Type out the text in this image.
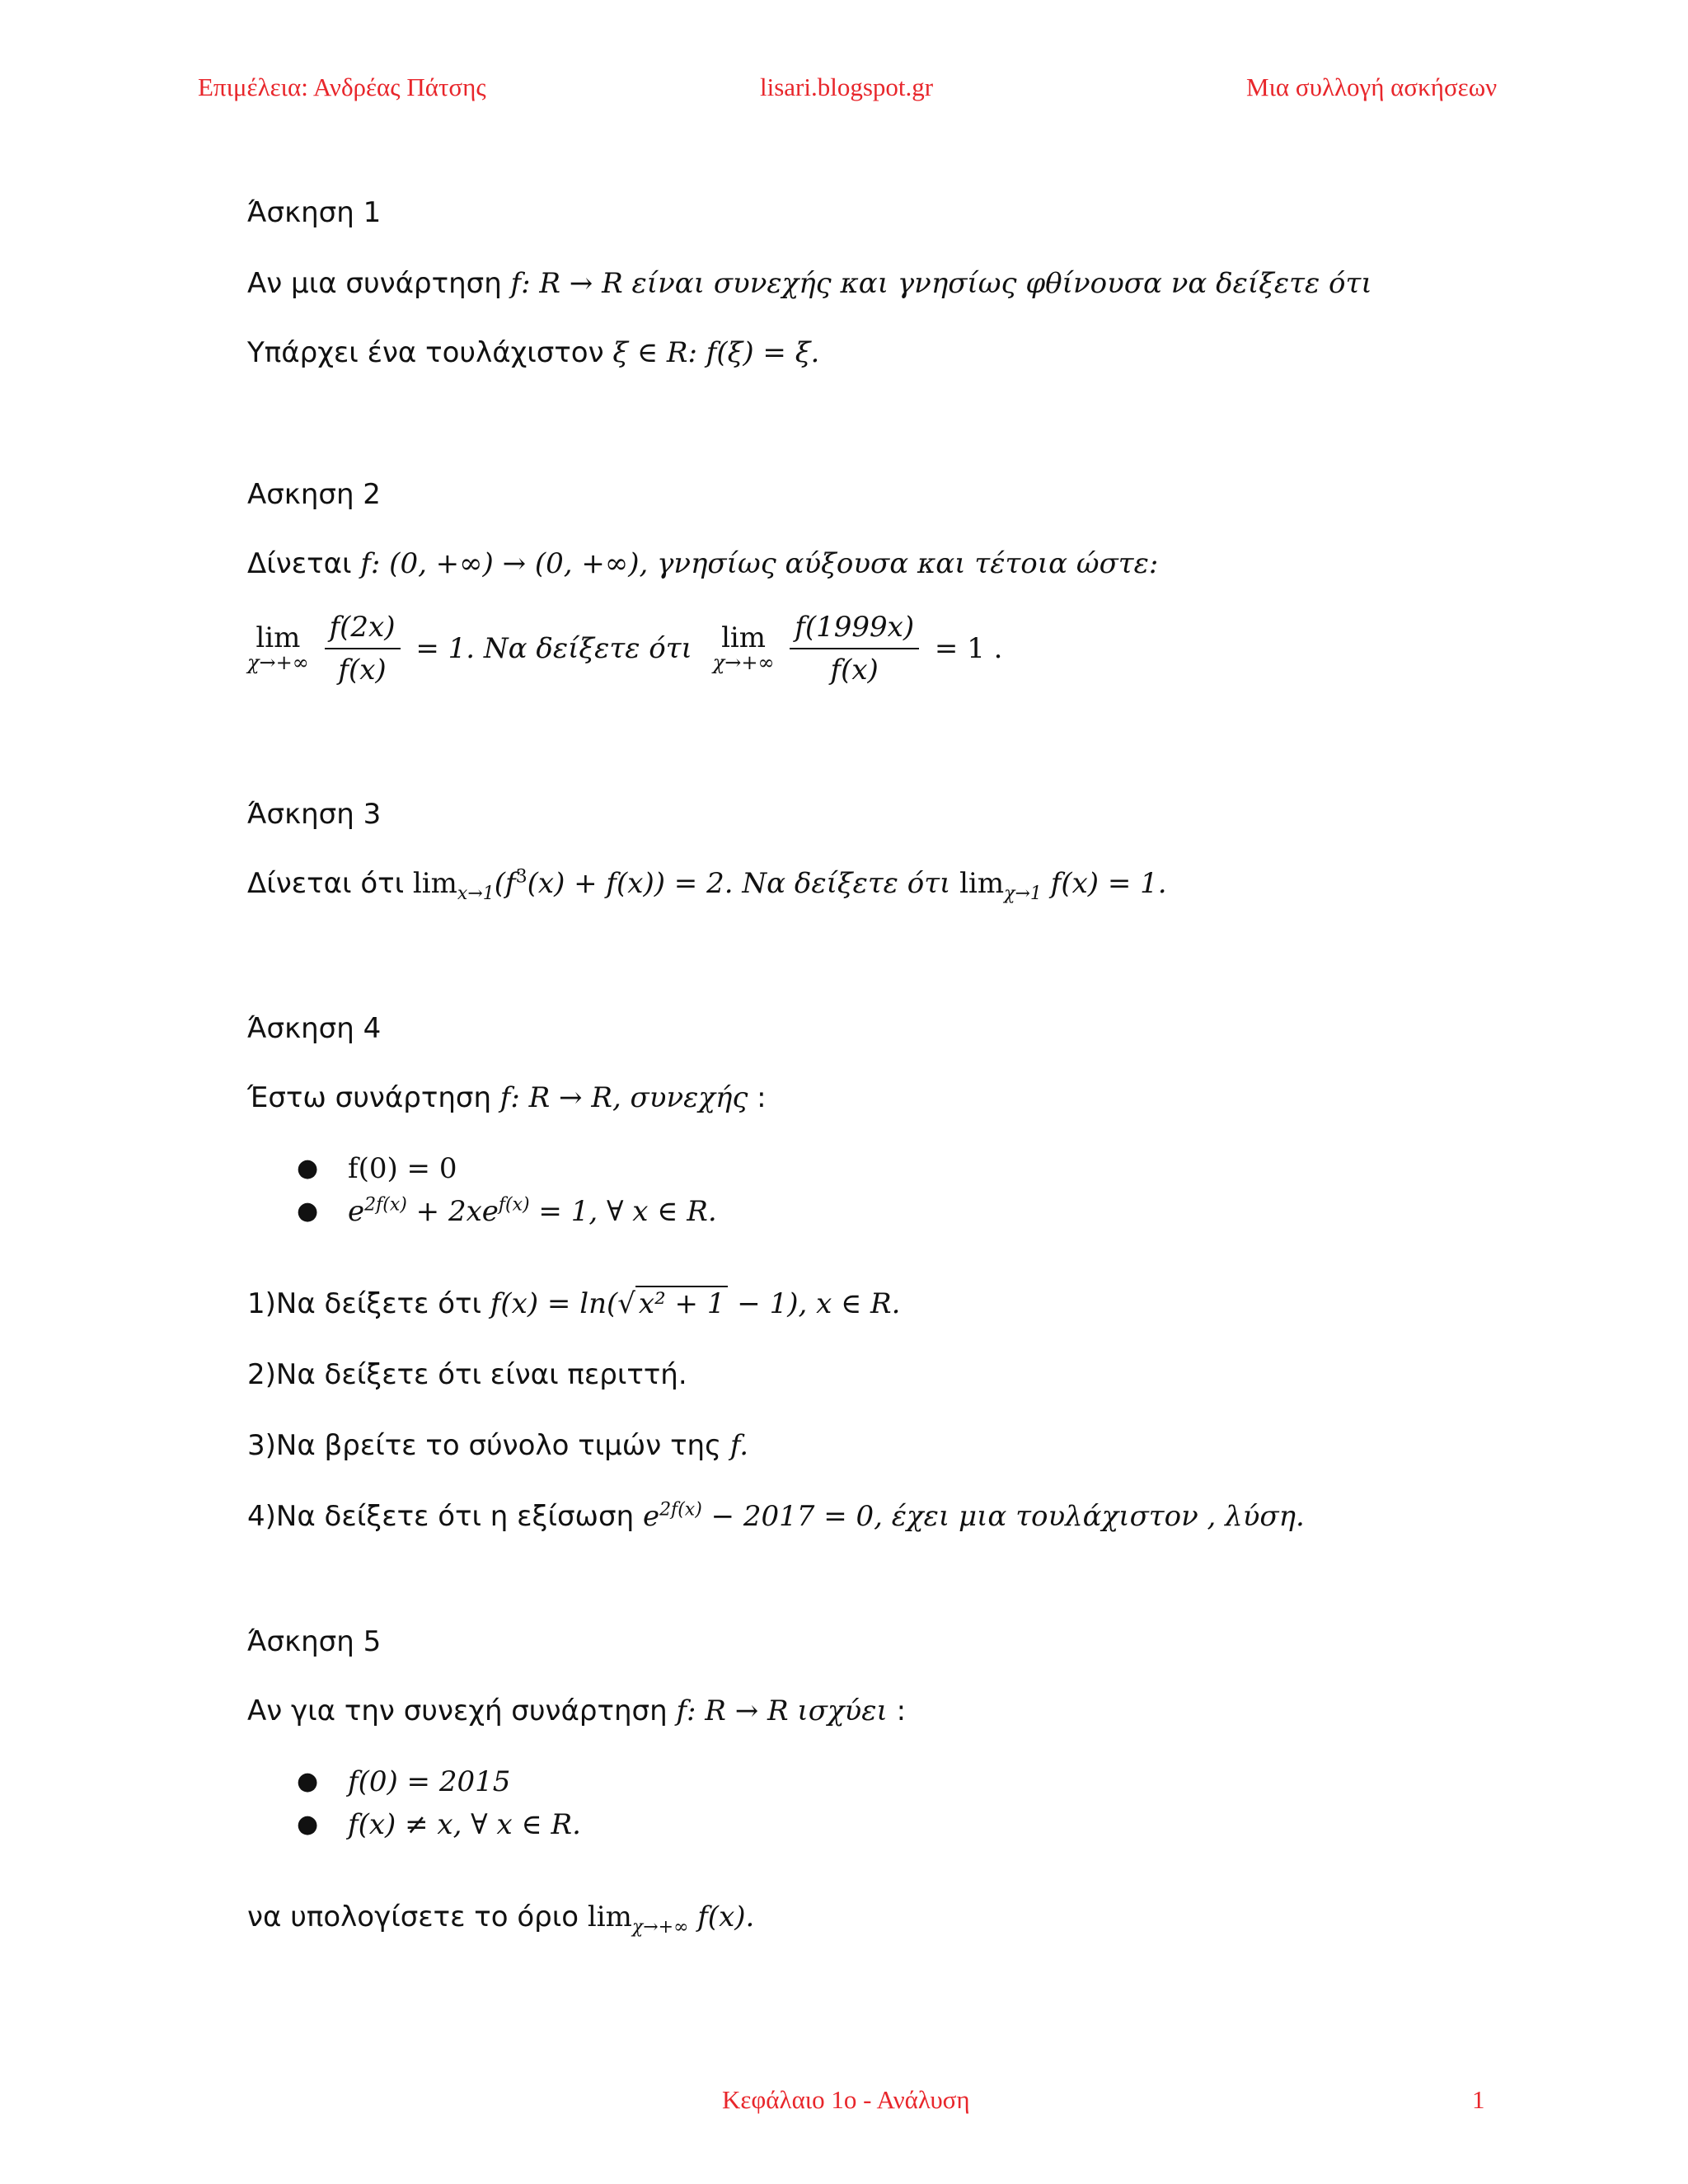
Επιμέλεια: Ανδρέας Πάτσης	lisari.blogspot.gr	Μια συλλογή ασκήσεων
Άσκηση 1
Αν μια συνάρτηση f: R → R είναι συνεχής και γνησίως φθίνουσα να δείξετε ότι
Υπάρχει ένα τουλάχιστον ξ ∈ R: f(ξ) = ξ.
Ασκηση 2
Δίνεται f: (0, +∞) → (0, +∞), γνησίως αύξουσα και τέτοια ώστε:
lim
χ→+∞
$\frac{f(2x)}{f(x)} = 1$. Να δείξετε ότι lim
χ→+∞
$\frac{f(1999x)}{f(x)} = 1$ .
Άσκηση 3
Δίνεται ότι $\lim_{x\to 1}(f^3(x) + f(x)) = 2$. Να δείξετε ότι $\lim_{\chi\to 1} f(x) = 1$.
Άσκηση 4
Έστω συνάρτηση f: R → R, συνεχής :
● f(0) = 0
● $e^{2f(x)} + 2xe^{f(x)} = 1$, ∀ x ∈ R.
1)Να δείξετε ότι f(x) = ln(√ x² + 1 − 1), x ∈ R.
2)Να δείξετε ότι είναι περιττή.
3)Να βρείτε το σύνολο τιμών της f.
4)Να δείξετε ότι η εξίσωση $e^{2f(x)} - 2017 = 0$, έχει μια τουλάχιστον , λύση.
Άσκηση 5
Αν για την συνεχή συνάρτηση f: R → R ισχύει :
● f(0) = 2015
● f(x) ≠ x, ∀ x ∈ R.
να υπολογίσετε το όριο $\lim_{\chi\to+\infty} f(x)$.
Κεφάλαιο 1ο - Ανάλυση	1
